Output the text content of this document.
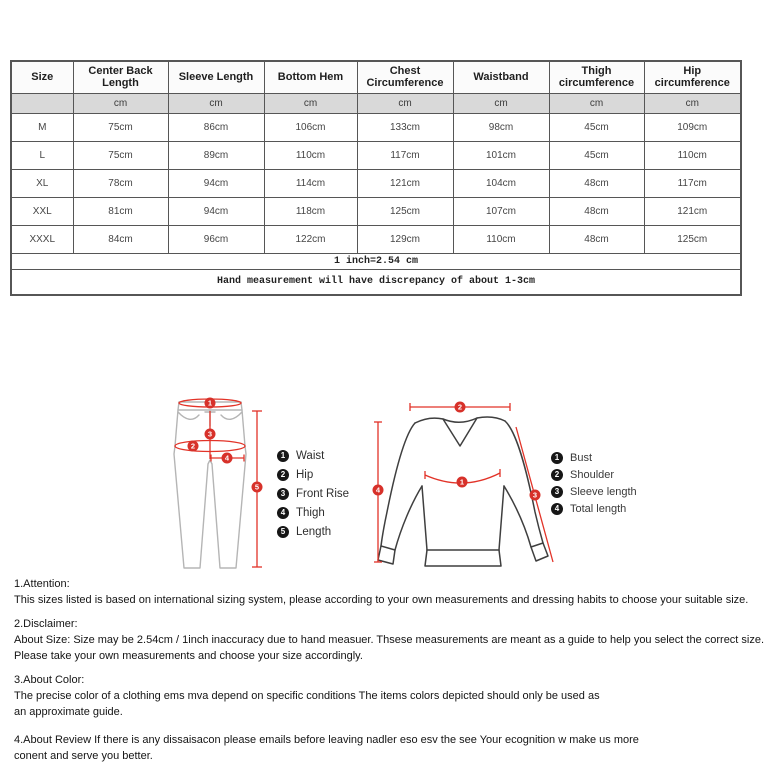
Size	Center Back Length	Sleeve Length	Bottom Hem	Chest Circumference	Waistband	Thigh circumference	Hip circumference
	cm	cm	cm	cm	cm	cm	cm
M	75cm	86cm	106cm	133cm	98cm	45cm	109cm
L	75cm	89cm	110cm	117cm	101cm	45cm	110cm
XL	78cm	94cm	114cm	121cm	104cm	48cm	117cm
XXL	81cm	94cm	118cm	125cm	107cm	48cm	121cm
XXXL	84cm	96cm	122cm	129cm	110cm	48cm	125cm
1 inch=2.54 cm							
Hand measurement will have discrepancy of about 1-3cm							
1
2
3
4
5
1 Waist
2 Hip
3 Front Rise
4 Thigh
5 Length
1
2
3
4
1 Bust
2 Shoulder
3 Sleeve length
4 Total length
1.Attention:
This sizes listed is based on international sizing system, please according to your own measurements and dressing habits to choose your suitable size.
2.Disclaimer:
About Size: Size may be 2.54cm / 1inch inaccuracy due to hand measuer. Thsese measurements are meant as a guide to help you select the correct size.
Please take your own measurements and choose your size accordingly.
3.About Color:
The precise color of a clothing ems mva depend on specific conditions The items colors depicted should only be used as
an approximate guide.
4.About Review If there is any dissaisacon please emails before leaving nadler eso esv the see Your ecognition w make us more
conent and serve you better.
